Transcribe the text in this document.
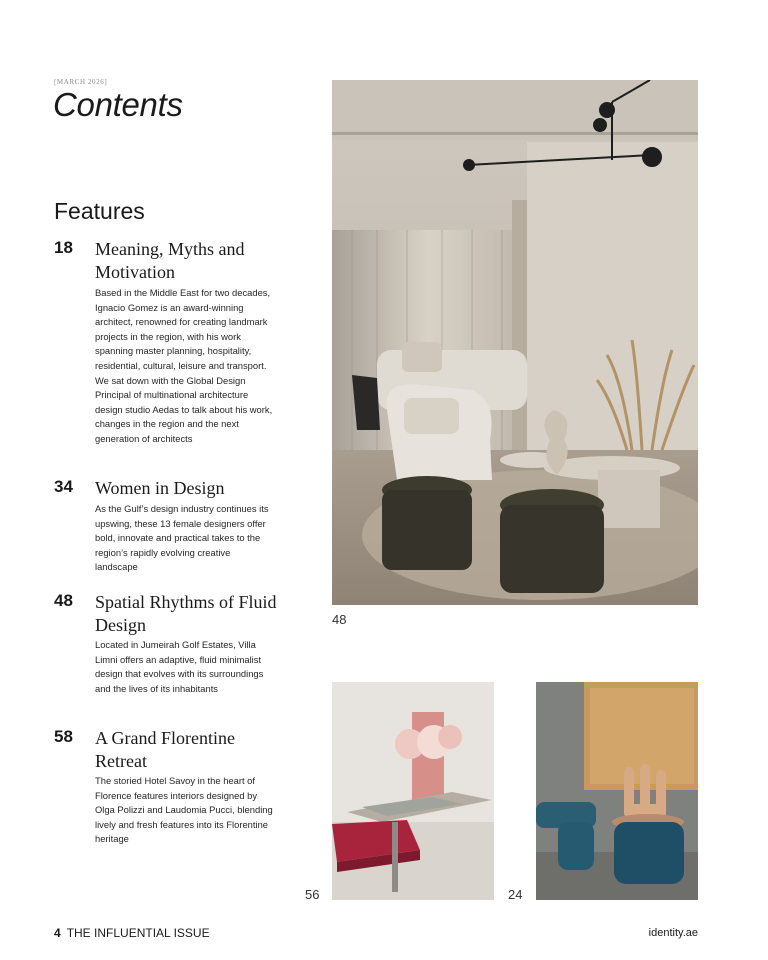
[MARCH 2026]
Contents
Features
18 Meaning, Myths and Motivation

Based in the Middle East for two decades, Ignacio Gomez is an award-winning architect, renowned for creating landmark projects in the region, with his work spanning master planning, hospitality, residential, cultural, leisure and transport. We sat down with the Global Design Principal of multinational architecture design studio Aedas to talk about his work, changes in the region and the next generation of architects

34 Women in Design

As the Gulf’s design industry continues its upswing, these 13 female designers offer bold, innovate and practical takes to the region’s rapidly evolving creative landscape

48 Spatial Rhythms of Fluid Design

Located in Jumeirah Golf Estates, Villa Limni offers an adaptive, fluid minimalist design that evolves with its surroundings and the lives of its inhabitants

58 A Grand Florentine Retreat

The storied Hotel Savoy in the heart of Florence features interiors designed by Olga Polizzi and Laudomia Pucci, blending lively and fresh features into its Florentine heritage

48
56	24
4 THE INFLUENTIAL ISSUE	identity.ae
